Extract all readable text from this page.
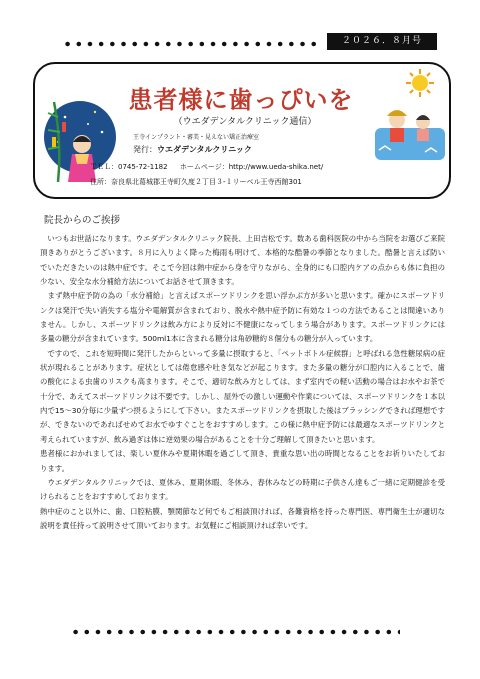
２０２６．８月号
患者様に歯っぴいを
（ウエダデンタルクリニック通信）
王寺インプラント・審美・見えない矯正治療室
発行：ウエダデンタルクリニック
ＴＥＬ：0745-72-1182 ホームページ：http://www.ueda-shika.net/
住所：奈良県北葛城郡王寺町久度２丁目３-１リーベル王寺西館301
院長からのご挨拶

　いつもお世話になります。ウエダデンタルクリニック院長、上田吉松です。数ある歯科医院の中から当院をお選びご来院頂きありがとうございます。８月に入りよく降った梅雨も明けて、本格的な酷暑の季節となりました。酷暑と言えば防いでいただきたいのは熱中症です。そこで今回は熱中症から身を守りながら、全身的にも口腔内ケアの点からも体に負担の少ない、安全な水分補給方法についてお話させて頂きます。

　まず熱中症予防の為の「水分補給」と言えばスポーツドリンクを思い浮かぶ方が多いと思います。確かにスポーツドリンクは発汗で失い消失する塩分や電解質が含まれており、脱水や熱中症予防に有効な１つの方法であることは間違いありません。しかし、スポーツドリンクは飲み方により反対に不健康になってしまう場合があります。スポーツドリンクには多量の糖分が含まれています。500ml1本に含まれる糖分は角砂糖約８個分もの糖分が入っています。

　ですので、これを短時間に発汗したからといって多量に摂取すると、「ペットボトル症候群」と呼ばれる急性糖尿病の症状が現れることがあります。症状としては倦怠感や吐き気などが起こります。また多量の糖分が口腔内に入ることで、歯の酸化による虫歯のリスクも高まります。そこで、適切な飲み方としては、まず室内での軽い活動の場合はお水やお茶で十分で、あえてスポーツドリンクは不要です。しかし、屋外での激しい運動や作業については、スポーツドリンクを１本以内で15～30分毎に少量ずつ摂るようにして下さい。またスポーツドリンクを摂取した後はブラッシングできれば理想ですが、できないのであればせめてお水でゆすぐことをおすすめします。この様に熱中症予防には最適なスポーツドリンクと考えられていますが、飲み過ぎは体に逆効果の場合があることを十分ご理解して頂きたいと思います。

患者様におかれましては、楽しい夏休みや夏期休暇を過ごして頂き、貴重な思い出の時間となることをお祈りいたしております。

　ウエダデンタルクリニックでは、夏休み、夏期休暇、冬休み、春休みなどの時期に子供さん達もご一緒に定期健診を受けられることをおすすめしております。

熱中症のこと以外に、歯、口腔粘膜、顎関節など何でもご相談頂ければ、各難資格を持った専門医、専門衛生士が適切な説明を責任持って説明させて頂いております。お気軽にご相談頂ければ幸いです。
